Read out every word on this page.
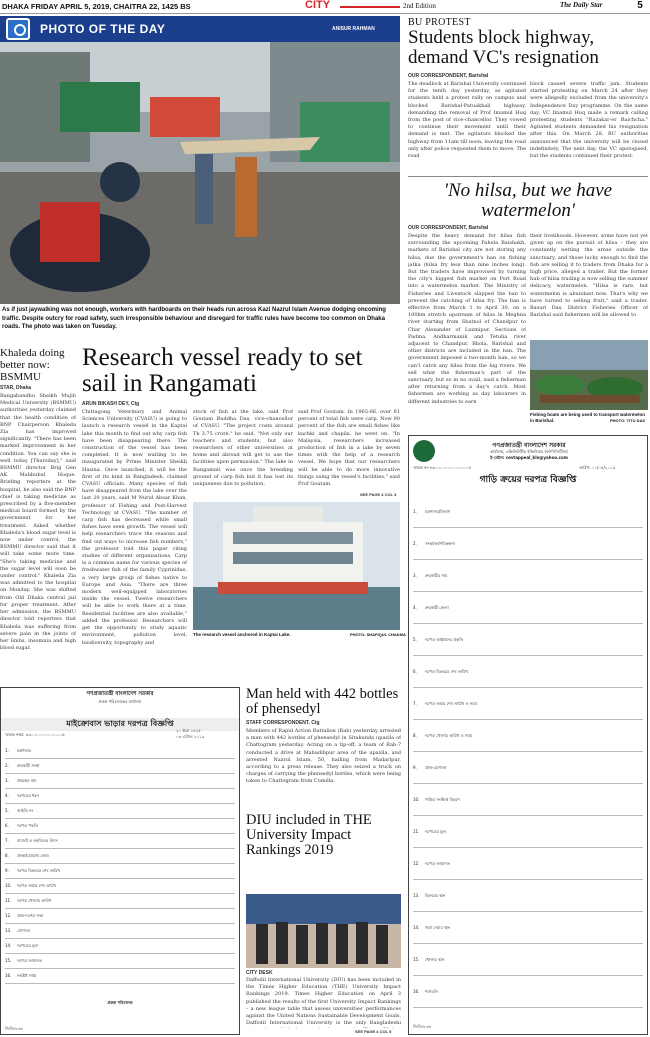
DHAKA FRIDAY APRIL 5, 2019, CHAITRA 22, 1425 BS	CITY	2nd Edition	The Daily Star	5
PHOTO OF THE DAY	ANISUR RAHMAN
As if just jaywalking was not enough, workers with hardboards on their heads run across Kazi Nazrul Islam Avenue dodging oncoming traffic. Despite outcry for road safety, such irresponsible behaviour and disregard for traffic rules have become too common on Dhaka roads. The photo was taken on Tuesday.
BU PROTEST
Students block highway, demand VC's resignation
OUR CORRESPONDENT, Barishal
The deadlock at Barishal University continued for the tenth day yesterday, as agitated students held a protest rally on campus and blocked Barishal-Patuakhali highway, demanding the removal of Prof Imamul Huq from the post of vice-chancellor. They vowed to continue their movement until their demand is met. The agitators blocked the highway from 11am till noon, leaving the road only after police requested them to move. The road
block caused severe traffic jam. Students started protesting on March 24 after they were allegedly excluded from the university's Independence Day programme. On the same day, VC Imamul Huq made a remark calling protesting students "Razakar-er Baichcha." Agitated students demanded his resignation after this. On March 28, BU authorities announced that the university will be closed indefinitely. The next day, the VC apologised, but the students continued their protest.
'No hilsa, but we have watermelon'
OUR CORRESPONDENT, Barishal
Despite the heavy demand for hilsa fish surrounding the upcoming Pahela Baishakh, markets of Barishal city are not storing any hilsa, due the government's ban on fishing jatka (hilsa fry less than nine inches long). But the traders have improvised by turning the city's biggest fish market on Port Road into a watermelon market. The Ministry of Fisheries and Livestock slapped the ban to prevent the catching of hilsa fry. The ban is effective from March 1 to April 30, on a 100km stretch upstream of hilsa in Meghna river starting from Shatnol of Chandpur to Char Alexander of Laxmipur. Sections of Padma, Andharmanik and Tetulia river adjacent to Chandpur, Bhola, Barishal and other districts are included in the ban. The government imposed a two-month ban, so we can't catch any hilsa from the big rivers. We sell what the fisherman's part of the sanctuary, but so in no avail, said a fisherman after returning from a day's catch. Most fishermen are working as day labourers in different industries to earn
their livelihoods. However, some have not yet given up on the pursuit of hilsa – they are constantly netting the areas outside the sanctuary, and those lucky enough to find the fish are selling it to traders from Dhaka for a high price, alleged a trader. But the former hub of hilsa trading is now selling the summer delicacy, watermelon. "Hilsa is rare, but watermelon is abundant now. That's why we have turned to selling fruit," said a trader. Basuri Das, District Fisheries Officer of Barishal said fishermen will be allowed to
Fishing boats are being used to transport watermelon in Barishal.	PHOTO: TITU DAS
গণপ্রজাতন্ত্রী বাংলাদেশ সরকার
কার্যালয়, এক্সিকিউটিভ ইঞ্জিনিয়ার (ফ্যাসিলিটিজ)
ই-মেইল: cevtappeal_kln@yahoo.com
স্মারক নং-৪৬.০১.০০০০.০০০.০০৫	তারিখ: ০১/০৪/২০১৯
গাড়ি ক্রয়ের দরপত্র বিজ্ঞপ্তি
1. মন্ত্রণালয়/বিভাগ
2. সংস্থা/কর্মপরিকল্পনা
3. ক্রয়কারীর নাম
4. ক্রয়কারী জেলা
5. দরপত্র আহ্বানের প্রকৃতি
6. দরপত্র বিক্রয়ের শেষ তারিখ
7. দরপত্র জমার শেষ তারিখ ও সময়
8. দরপত্র খোলার তারিখ ও সময়
9. প্রাক-যোগ্যতা
10. গাড়ির সংক্ষিপ্ত বিবরণ
11. দরপত্রের মূল্য
12. দরপত্র জামানত
13. বিক্রয়ের স্থান
14. জমা দেয়ার স্থান
15. খোলার স্থান
16. শর্তাবলি
জিডি-৮৩৪
Khaleda doing better now: BSMMU
STAR, Dhaka
Bangabandhu Sheikh Mujib Medical University (BSMMU) authorities yesterday claimed that the health condition of BNP Chairperson Khaleda Zia has improved significantly. "There has been marked improvement in her condition. You can say she is well today [Thursday]," said BSMMU director Brig Gen AK Mahbubul Hoque. Briefing reporters at the hospital, he also said the BNP chief is taking medicine as prescribed by a five-member medical board formed by the government for her treatment. Asked whether Khaleda's blood sugar level is now under control, the BSMMU director said that it will take some more time. "She's taking medicine and the sugar level will soon be under control." Khaleda Zia was admitted to the hospital on Monday. She was shifted from Old Dhaka central jail for proper treatment. After her admission, the BSMMU director told reporters that Khaleda was suffering from severe pain in the joints of her limbs, insomnia and high blood sugar.
Research vessel ready to set sail in Rangamati
ARUN BIKASH DEY, Ctg
Chittagong Veterinary and Animal Sciences University (CVASU) is going to launch a research vessel in the Kaptai lake this month to find out why carp fish have been disappearing there. The construction of the vessel has been completed. It is now waiting to be inaugurated by Prime Minister Sheikh Hasina. Once launched, it will be the first of its kind in Bangladesh, claimed CVASU officials. Many species of fish have disappeared from the lake over the last 20 years, said M Nurul Absar Khan, professor of Fishing and Post-Harvest Technology at CVASU. "The number of carp fish has decreased while small fishes have seen growth. The vessel will help researchers trace the reasons and find out ways to increase fish numbers," the professor told this paper citing studies of different organisations. Carp is a common name for various species of freshwater fish of the family Cyprinidae, a very large group of fishes native to Europe and Asia. "There are three modern well-equipped laboratories inside the vessel. Twelve researchers will be able to work there at a time. Residential facilities are also available," added the professor. Researchers will get the opportunity to study aquatic environment, pollution level, biodiversity, topography and
stock of fish at the lake, said Prof Goutam Buddha Das, vice-chancellor of CVASU. "The project costs around Tk 3.75 crore," he said. "Not only our teachers and students, but also researchers of other universities at home and abroad will get to use the facilities upon permission." The lake in Rangamati was once the breeding ground of carp fish but it has lost its uniqueness due to pollution,
said Prof Goutam. In 1965-66, over 81 percent of total fish were carp. Now 90 percent of the fish are small fishes like kachki and chapila, he went on. "In Malaysia, researchers increased production of fish in a lake by seven times with the help of a research vessel. We hope that our researchers will be able to do more innovative things using the vessel's facilities," said Prof Goutam.
SEE PAGE 4 COL 3
The research vessel anchored in Kaptai Lake.	PHOTO: SHAFIQUL CHAKMA
গণপ্রজাতন্ত্রী বাংলাদেশ সরকার
প্রকল্প পরিচালকের কার্যালয়
মাইক্রোবাস ভাড়ার দরপত্র বিজ্ঞপ্তি
স্মারক নম্বর: ৩৩.০১.০০০০.০০০.০৬
২০ চৈত্র ১৪২৫
০৩ এপ্রিল ২০১৯
1. মন্ত্রণালয়
2. ক্রয়কারী সংস্থা
3. প্রকল্পের নাম
4. দরপত্রের ধরন
5. আইডি নং
6. দরপত্র পদ্ধতি
7. বাজেট ও তহবিলের উৎস
8. প্রকল্প/প্রোগ্রাম কোড
9. দরপত্র বিক্রয়ের শেষ তারিখ
10. দরপত্র জমার শেষ তারিখ
11. দরপত্র খোলার তারিখ
12. প্রাক-দরপত্র সভা
13. যোগ্যতা
14. দরপত্রের মূল্য
15. দরপত্র জামানত
16. সংশ্লিষ্ট দপ্তর
প্রকল্প পরিচালক
জিডি-৮৩৮
Man held with 442 bottles of phensedyl
STAFF CORRESPONDENT, Ctg
Members of Rapid Action Battalion (Rab) yesterday arrested a man with 442 bottles of phensedyl in Sitakunda upazila of Chattogram yesterday. Acting on a tip-off, a team of Rab-7 conducted a drive at Mahadibpur area of the upazila, and arrested Nazrul Islam, 50, hailing from Madaripur, according to a press release. They also seized a truck on charges of carrying the phensedyl bottles, which were being taken to Chattogram from Comilla.
DIU included in THE University Impact Rankings 2019
CITY DESK
Daffodil International University (DIU) has been included in the Times Higher Education (THE) University Impact Rankings 2019. Times Higher Education on April 3 published the results of the first University Impact Rankings – a new league table that assess universities' performances against the United Nations Sustainable Development Goals. Daffodil International University is the only Bangladeshi
SEE PAGE 4 COL 5
